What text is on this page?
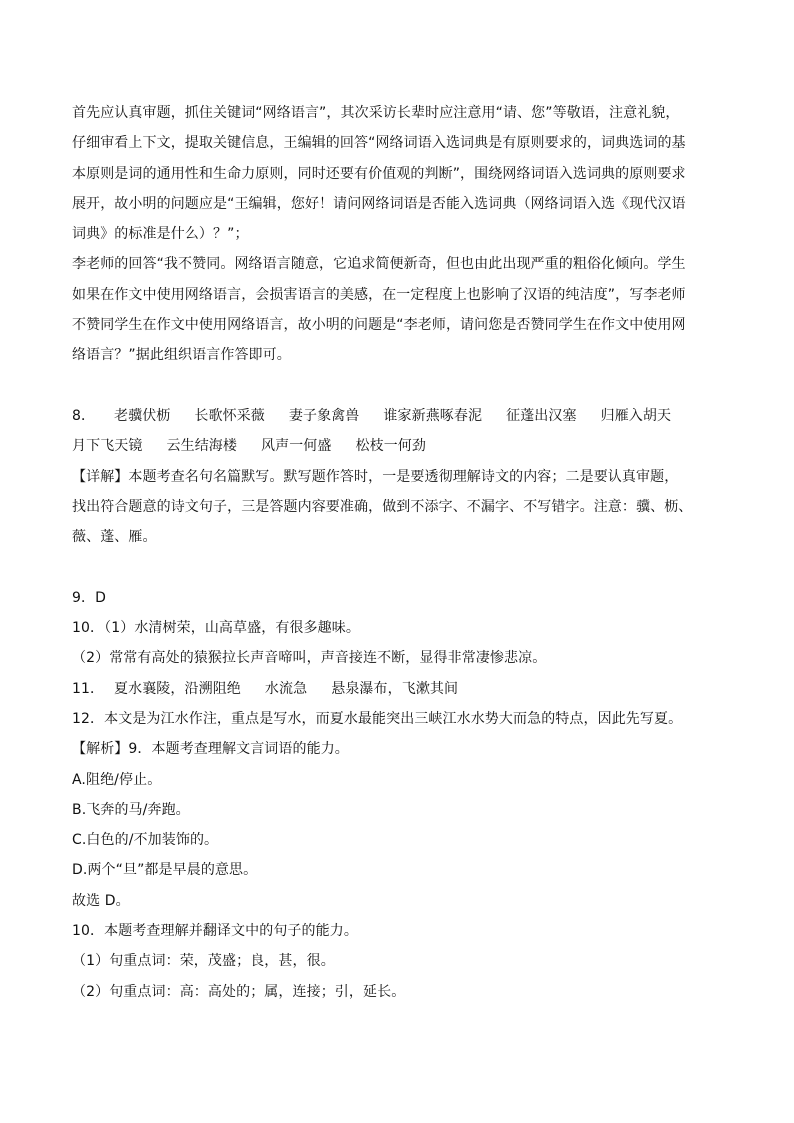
首先应认真审题，抓住关键词“网络语言”，其次采访长辈时应注意用“请、您”等敬语，注意礼貌，
仔细审看上下文，提取关键信息，王编辑的回答“网络词语入选词典是有原则要求的，词典选词的基
本原则是词的通用性和生命力原则，同时还要有价值观的判断”，围绕网络词语入选词典的原则要求
展开，故小明的问题应是“王编辑，您好！请问网络词语是否能入选词典（网络词语入选《现代汉语
词典》的标准是什么）？”；
李老师的回答“我不赞同。网络语言随意，它追求简便新奇，但也由此出现严重的粗俗化倾向。学生
如果在作文中使用网络语言，会损害语言的美感，在一定程度上也影响了汉语的纯洁度”，写李老师
不赞同学生在作文中使用网络语言，故小明的问题是“李老师，请问您是否赞同学生在作文中使用网
络语言？”据此组织语言作答即可。
8．	老骥伏枥 长歌怀采薇 妻子象禽兽 谁家新燕啄春泥 征蓬出汉塞 归雁入胡天
月下飞天镜 云生结海楼 风声一何盛 松枝一何劲
【详解】本题考查名句名篇默写。默写题作答时，一是要透彻理解诗文的内容；二是要认真审题，
找出符合题意的诗文句子，三是答题内容要准确，做到不添字、不漏字、不写错字。注意：骥、枥、
薇、蓬、雁。
9．D
10．（1）水清树荣，山高草盛，有很多趣味。
（2）常常有高处的猿猴拉长声音啼叫，声音接连不断，显得非常凄惨悲凉。
11． 夏水襄陵，沿溯阻绝 水流急 悬泉瀑布，飞漱其间
12．本文是为江水作注，重点是写水，而夏水最能突出三峡江水水势大而急的特点，因此先写夏。
【解析】9．本题考查理解文言词语的能力。
A.阻绝/停止。
B.飞奔的马/奔跑。
C.白色的/不加装饰的。
D.两个“旦”都是早晨的意思。
故选 D。
10．本题考查理解并翻译文中的句子的能力。
（1）句重点词：荣，茂盛；良，甚，很。
（2）句重点词：高：高处的；属，连接；引，延长。
